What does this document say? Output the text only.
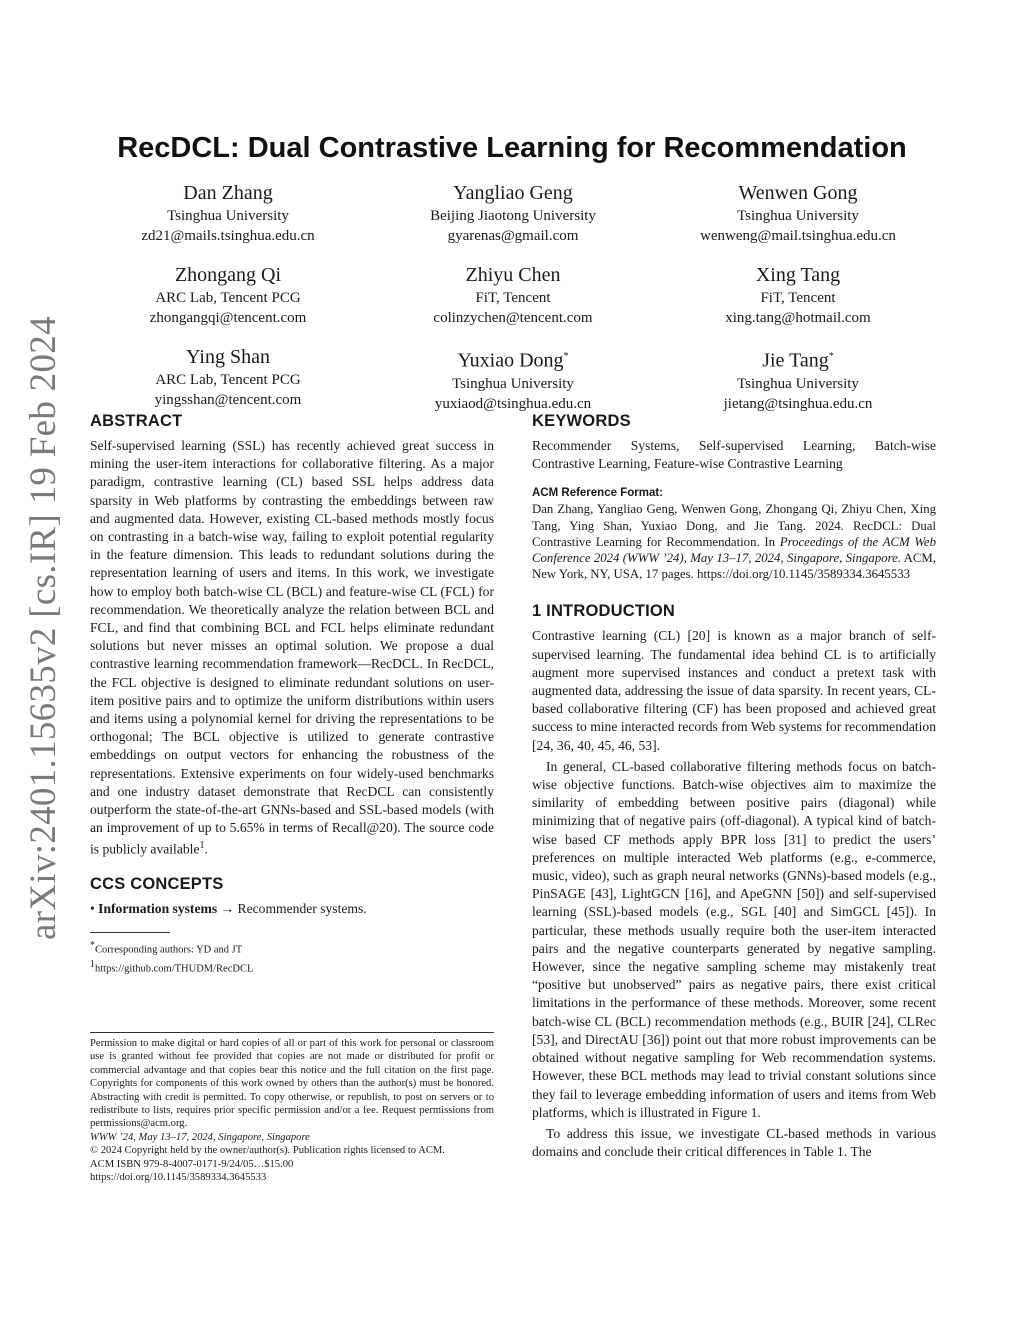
arXiv:2401.15635v2 [cs.IR] 19 Feb 2024
RecDCL: Dual Contrastive Learning for Recommendation
Dan Zhang
Tsinghua University
zd21@mails.tsinghua.edu.cn
Yangliao Geng
Beijing Jiaotong University
gyarenas@gmail.com
Wenwen Gong
Tsinghua University
wenweng@mail.tsinghua.edu.cn
Zhongang Qi
ARC Lab, Tencent PCG
zhongangqi@tencent.com
Zhiyu Chen
FiT, Tencent
colinzychen@tencent.com
Xing Tang
FiT, Tencent
xing.tang@hotmail.com
Ying Shan
ARC Lab, Tencent PCG
yingsshan@tencent.com
Yuxiao Dong*
Tsinghua University
yuxiaod@tsinghua.edu.cn
Jie Tang*
Tsinghua University
jietang@tsinghua.edu.cn
ABSTRACT

Self-supervised learning (SSL) has recently achieved great success in mining the user-item interactions for collaborative filtering. As a major paradigm, contrastive learning (CL) based SSL helps address data sparsity in Web platforms by contrasting the embeddings between raw and augmented data. However, existing CL-based methods mostly focus on contrasting in a batch-wise way, failing to exploit potential regularity in the feature dimension. This leads to redundant solutions during the representation learning of users and items. In this work, we investigate how to employ both batch-wise CL (BCL) and feature-wise CL (FCL) for recommendation. We theoretically analyze the relation between BCL and FCL, and find that combining BCL and FCL helps eliminate redundant solutions but never misses an optimal solution. We propose a dual contrastive learning recommendation framework—RecDCL. In RecDCL, the FCL objective is designed to eliminate redundant solutions on user-item positive pairs and to optimize the uniform distributions within users and items using a polynomial kernel for driving the representations to be orthogonal; The BCL objective is utilized to generate contrastive embeddings on output vectors for enhancing the robustness of the representations. Extensive experiments on four widely-used benchmarks and one industry dataset demonstrate that RecDCL can consistently outperform the state-of-the-art GNNs-based and SSL-based models (with an improvement of up to 5.65% in terms of Recall@20). The source code is publicly available$^1$.

CCS CONCEPTS

• Information systems → Recommender systems.

*Corresponding authors: YD and JT

$^1$https://github.com/THUDM/RecDCL

Permission to make digital or hard copies of all or part of this work for personal or classroom use is granted without fee provided that copies are not made or distributed for profit or commercial advantage and that copies bear this notice and the full citation on the first page. Copyrights for components of this work owned by others than the author(s) must be honored. Abstracting with credit is permitted. To copy otherwise, or republish, to post on servers or to redistribute to lists, requires prior specific permission and/or a fee. Request permissions from permissions@acm.org.

WWW ’24, May 13–17, 2024, Singapore, Singapore

© 2024 Copyright held by the owner/author(s). Publication rights licensed to ACM.

ACM ISBN 979-8-4007-0171-9/24/05…$15.00

https://doi.org/10.1145/3589334.3645533

KEYWORDS

Recommender Systems, Self-supervised Learning, Batch-wise Contrastive Learning, Feature-wise Contrastive Learning

ACM Reference Format:

Dan Zhang, Yangliao Geng, Wenwen Gong, Zhongang Qi, Zhiyu Chen, Xing Tang, Ying Shan, Yuxiao Dong, and Jie Tang. 2024. RecDCL: Dual Contrastive Learning for Recommendation. In Proceedings of the ACM Web Conference 2024 (WWW ’24), May 13–17, 2024, Singapore, Singapore. ACM, New York, NY, USA, 17 pages. https://doi.org/10.1145/3589334.3645533

1 INTRODUCTION

Contrastive learning (CL) [20] is known as a major branch of self-supervised learning. The fundamental idea behind CL is to artificially augment more supervised instances and conduct a pretext task with augmented data, addressing the issue of data sparsity. In recent years, CL-based collaborative filtering (CF) has been proposed and achieved great success to mine interacted records from Web systems for recommendation [24, 36, 40, 45, 46, 53].

In general, CL-based collaborative filtering methods focus on batch-wise objective functions. Batch-wise objectives aim to maximize the similarity of embedding between positive pairs (diagonal) while minimizing that of negative pairs (off-diagonal). A typical kind of batch-wise based CF methods apply BPR loss [31] to predict the users’ preferences on multiple interacted Web platforms (e.g., e-commerce, music, video), such as graph neural networks (GNNs)-based models (e.g., PinSAGE [43], LightGCN [16], and ApeGNN [50]) and self-supervised learning (SSL)-based models (e.g., SGL [40] and SimGCL [45]). In particular, these methods usually require both the user-item interacted pairs and the negative counterparts generated by negative sampling. However, since the negative sampling scheme may mistakenly treat “positive but unobserved” pairs as negative pairs, there exist critical limitations in the performance of these methods. Moreover, some recent batch-wise CL (BCL) recommendation methods (e.g., BUIR [24], CLRec [53], and DirectAU [36]) point out that more robust improvements can be obtained without negative sampling for Web recommendation systems. However, these BCL methods may lead to trivial constant solutions since they fail to leverage embedding information of users and items from Web platforms, which is illustrated in Figure 1.

To address this issue, we investigate CL-based methods in various domains and conclude their critical differences in Table 1. The
